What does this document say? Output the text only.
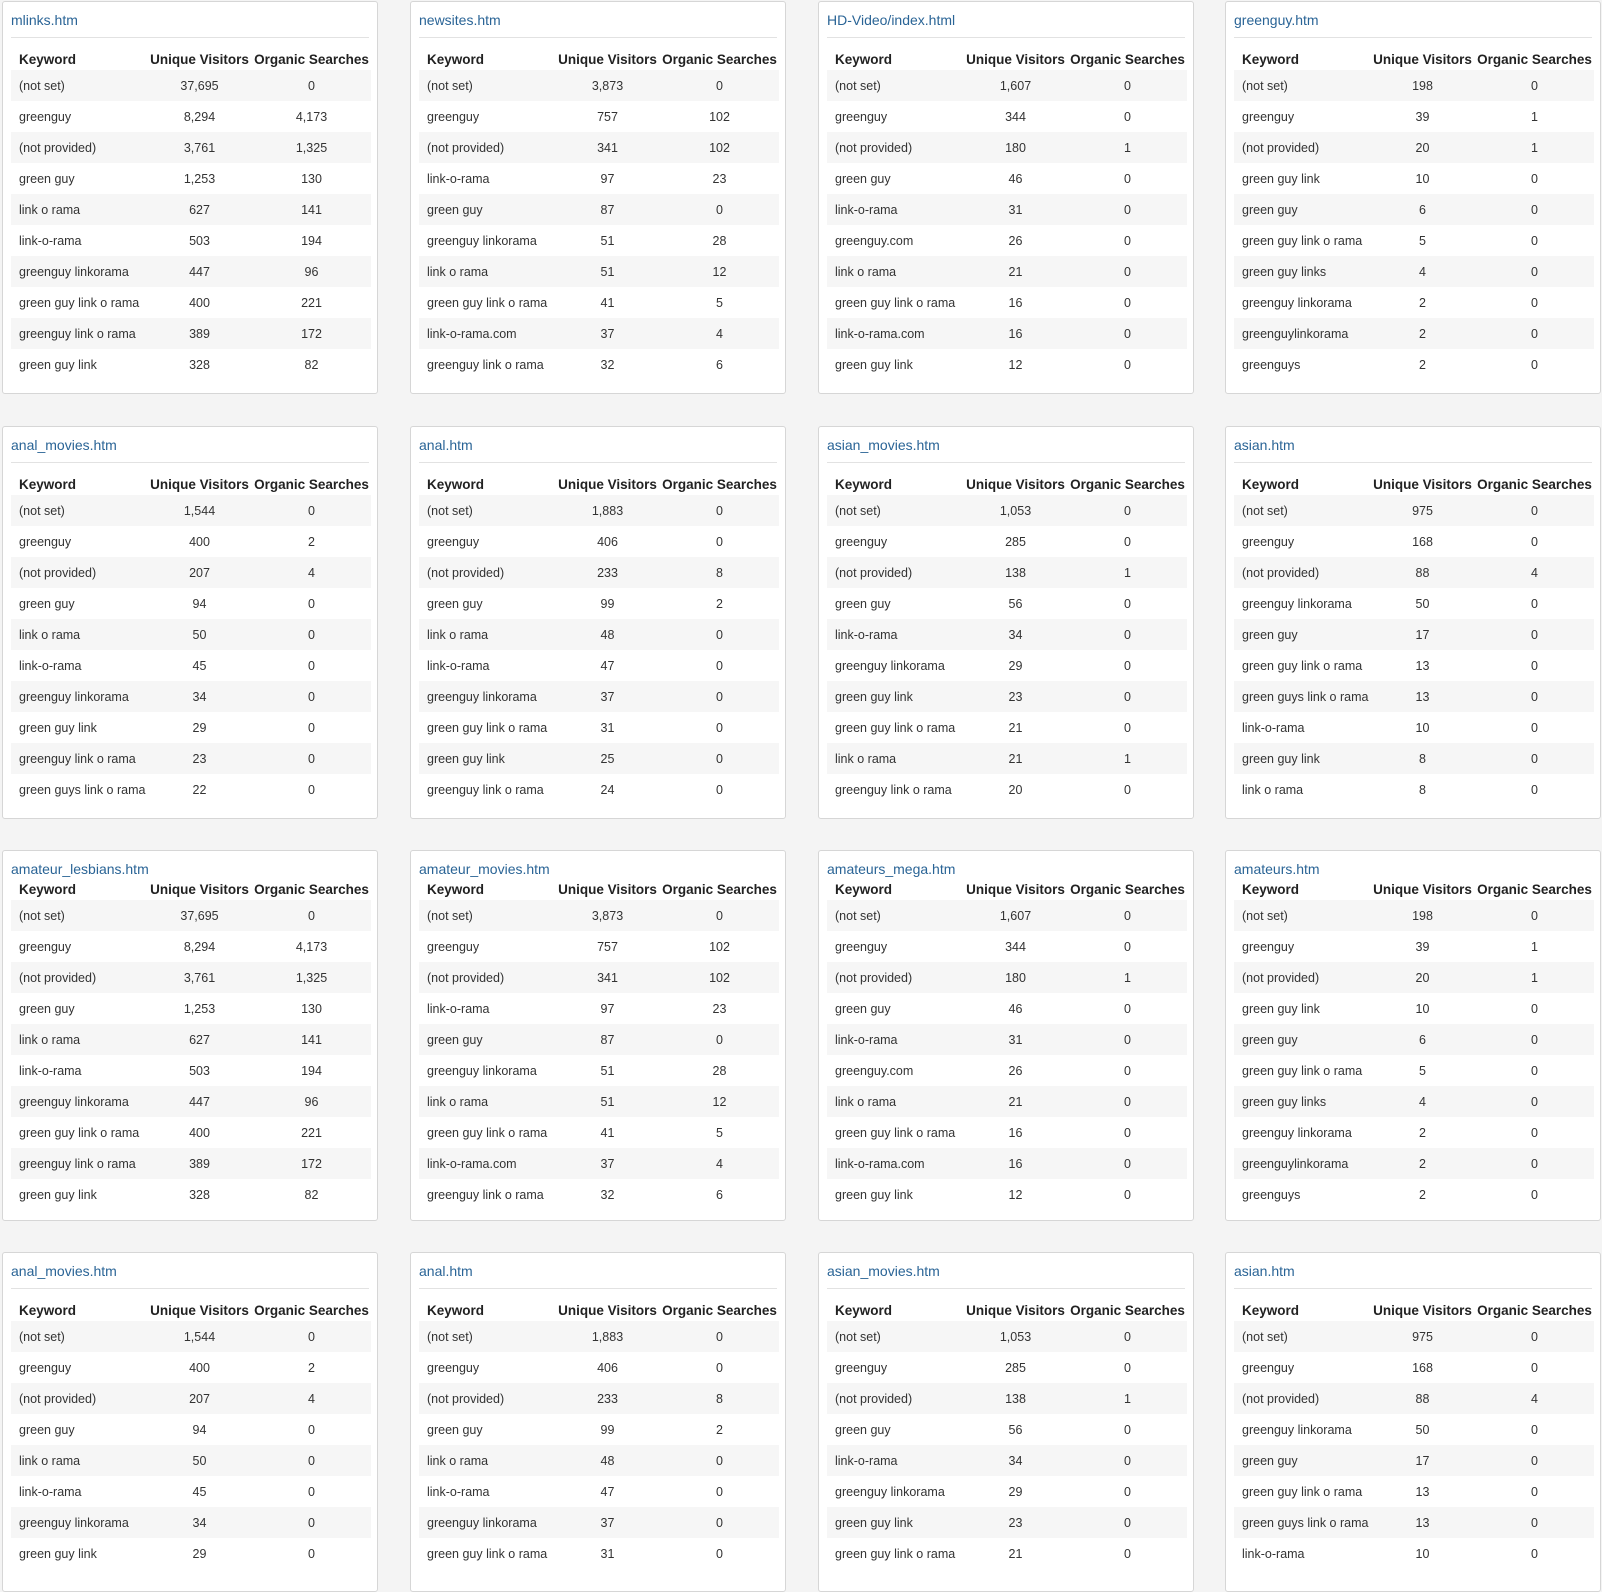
mlinks.htm
Keyword	Unique Visitors	Organic Searches
(not set)	37,695	0
greenguy	8,294	4,173
(not provided)	3,761	1,325
green guy	1,253	130
link o rama	627	141
link-o-rama	503	194
greenguy linkorama	447	96
green guy link o rama	400	221
greenguy link o rama	389	172
green guy link	328	82
newsites.htm
Keyword	Unique Visitors	Organic Searches
(not set)	3,873	0
greenguy	757	102
(not provided)	341	102
link-o-rama	97	23
green guy	87	0
greenguy linkorama	51	28
link o rama	51	12
green guy link o rama	41	5
link-o-rama.com	37	4
greenguy link o rama	32	6
HD-Video/index.html
Keyword	Unique Visitors	Organic Searches
(not set)	1,607	0
greenguy	344	0
(not provided)	180	1
green guy	46	0
link-o-rama	31	0
greenguy.com	26	0
link o rama	21	0
green guy link o rama	16	0
link-o-rama.com	16	0
green guy link	12	0
greenguy.htm
Keyword	Unique Visitors	Organic Searches
(not set)	198	0
greenguy	39	1
(not provided)	20	1
green guy link	10	0
green guy	6	0
green guy link o rama	5	0
green guy links	4	0
greenguy linkorama	2	0
greenguylinkorama	2	0
greenguys	2	0
anal_movies.htm
Keyword	Unique Visitors	Organic Searches
(not set)	1,544	0
greenguy	400	2
(not provided)	207	4
green guy	94	0
link o rama	50	0
link-o-rama	45	0
greenguy linkorama	34	0
green guy link	29	0
greenguy link o rama	23	0
green guys link o rama	22	0
anal.htm
Keyword	Unique Visitors	Organic Searches
(not set)	1,883	0
greenguy	406	0
(not provided)	233	8
green guy	99	2
link o rama	48	0
link-o-rama	47	0
greenguy linkorama	37	0
green guy link o rama	31	0
green guy link	25	0
greenguy link o rama	24	0
asian_movies.htm
Keyword	Unique Visitors	Organic Searches
(not set)	1,053	0
greenguy	285	0
(not provided)	138	1
green guy	56	0
link-o-rama	34	0
greenguy linkorama	29	0
green guy link	23	0
green guy link o rama	21	0
link o rama	21	1
greenguy link o rama	20	0
asian.htm
Keyword	Unique Visitors	Organic Searches
(not set)	975	0
greenguy	168	0
(not provided)	88	4
greenguy linkorama	50	0
green guy	17	0
green guy link o rama	13	0
green guys link o rama	13	0
link-o-rama	10	0
green guy link	8	0
link o rama	8	0
amateur_lesbians.htm
Keyword	Unique Visitors	Organic Searches
(not set)	37,695	0
greenguy	8,294	4,173
(not provided)	3,761	1,325
green guy	1,253	130
link o rama	627	141
link-o-rama	503	194
greenguy linkorama	447	96
green guy link o rama	400	221
greenguy link o rama	389	172
green guy link	328	82
amateur_movies.htm
Keyword	Unique Visitors	Organic Searches
(not set)	3,873	0
greenguy	757	102
(not provided)	341	102
link-o-rama	97	23
green guy	87	0
greenguy linkorama	51	28
link o rama	51	12
green guy link o rama	41	5
link-o-rama.com	37	4
greenguy link o rama	32	6
amateurs_mega.htm
Keyword	Unique Visitors	Organic Searches
(not set)	1,607	0
greenguy	344	0
(not provided)	180	1
green guy	46	0
link-o-rama	31	0
greenguy.com	26	0
link o rama	21	0
green guy link o rama	16	0
link-o-rama.com	16	0
green guy link	12	0
amateurs.htm
Keyword	Unique Visitors	Organic Searches
(not set)	198	0
greenguy	39	1
(not provided)	20	1
green guy link	10	0
green guy	6	0
green guy link o rama	5	0
green guy links	4	0
greenguy linkorama	2	0
greenguylinkorama	2	0
greenguys	2	0
anal_movies.htm
Keyword	Unique Visitors	Organic Searches
(not set)	1,544	0
greenguy	400	2
(not provided)	207	4
green guy	94	0
link o rama	50	0
link-o-rama	45	0
greenguy linkorama	34	0
green guy link	29	0
anal.htm
Keyword	Unique Visitors	Organic Searches
(not set)	1,883	0
greenguy	406	0
(not provided)	233	8
green guy	99	2
link o rama	48	0
link-o-rama	47	0
greenguy linkorama	37	0
green guy link o rama	31	0
asian_movies.htm
Keyword	Unique Visitors	Organic Searches
(not set)	1,053	0
greenguy	285	0
(not provided)	138	1
green guy	56	0
link-o-rama	34	0
greenguy linkorama	29	0
green guy link	23	0
green guy link o rama	21	0
asian.htm
Keyword	Unique Visitors	Organic Searches
(not set)	975	0
greenguy	168	0
(not provided)	88	4
greenguy linkorama	50	0
green guy	17	0
green guy link o rama	13	0
green guys link o rama	13	0
link-o-rama	10	0
